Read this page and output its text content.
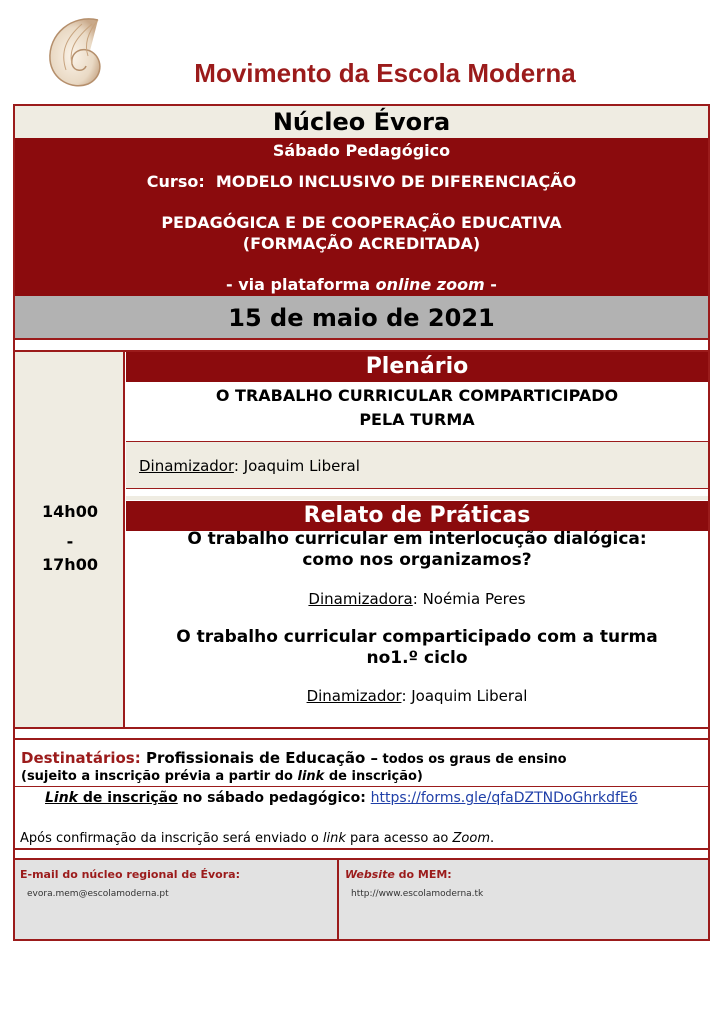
Movimento da Escola Moderna
Núcleo Évora
Sábado Pedagógico
Curso: MODELO INCLUSIVO DE DIFERENCIAÇÃO
PEDAGÓGICA E DE COOPERAÇÃO EDUCATIVA
(FORMAÇÃO ACREDITADA)
- via plataforma online zoom -
15 de maio de 2021
14h00
-
17h00
Plenário
O TRABALHO CURRICULAR COMPARTICIPADO
PELA TURMA
Dinamizador: Joaquim Liberal
Relato de Práticas
O trabalho curricular em interlocução dialógica:
como nos organizamos?
Dinamizadora: Noémia Peres
O trabalho curricular comparticipado com a turma
no1.º ciclo
Dinamizador: Joaquim Liberal
Destinatários: Profissionais de Educação – todos os graus de ensino
(sujeito a inscrição prévia a partir do link de inscrição)
Link de inscrição no sábado pedagógico: https://forms.gle/qfaDZTNDoGhrkdfE6
Após confirmação da inscrição será enviado o link para acesso ao Zoom.
E-mail do núcleo regional de Évora:
evora.mem@escolamoderna.pt
Website do MEM:
http://www.escolamoderna.tk
